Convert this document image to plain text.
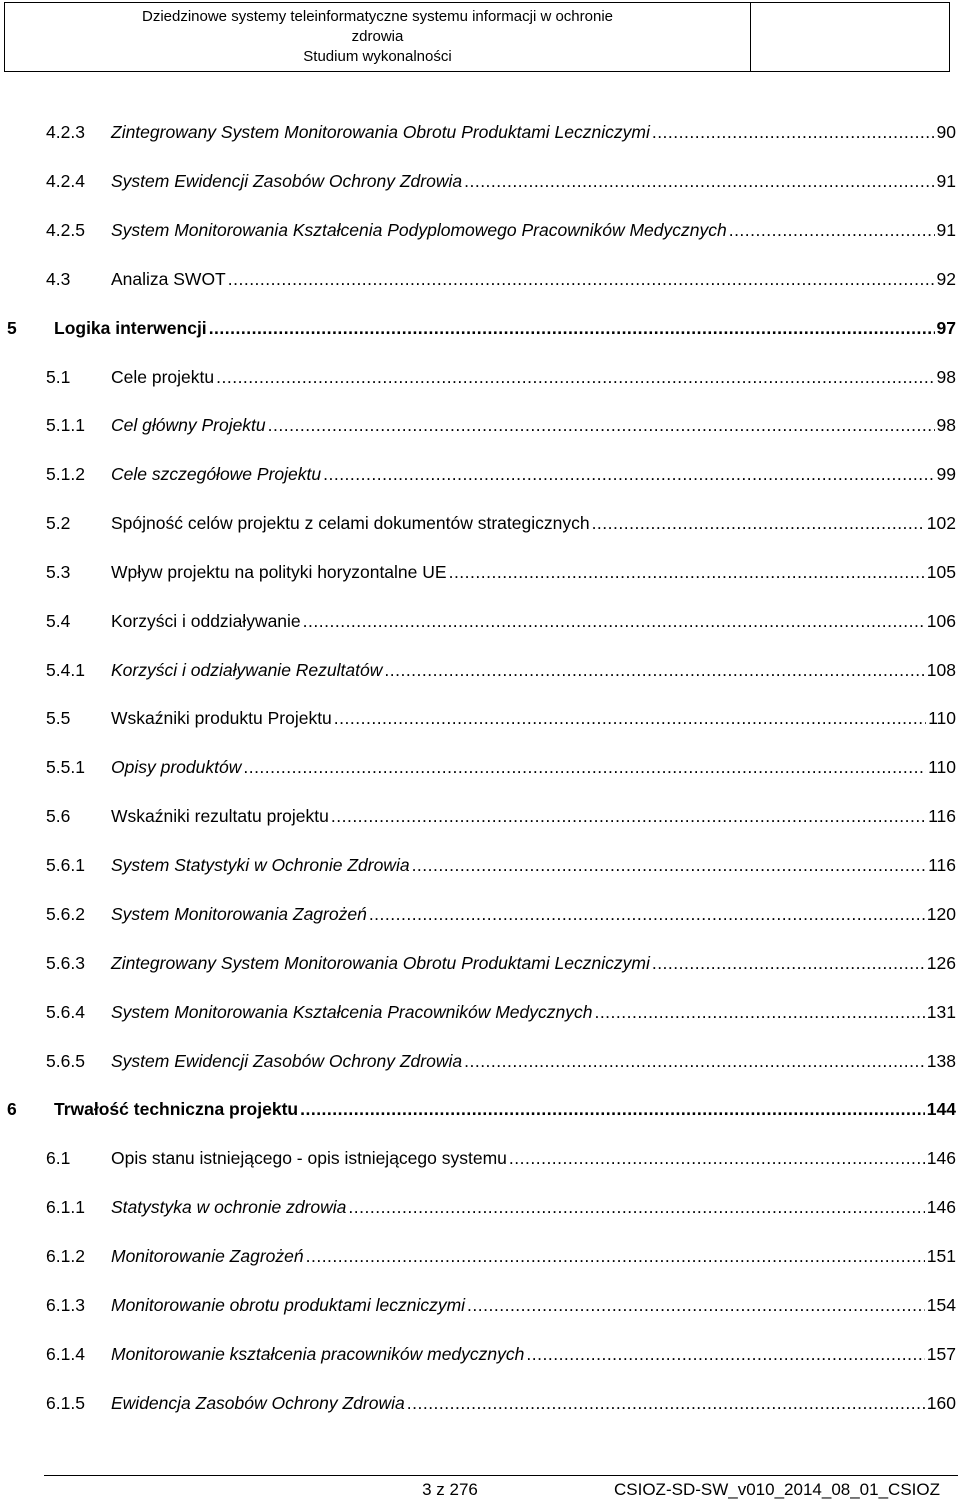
Dziedzinowe systemy teleinformatyczne systemu informacji w ochronie
zdrowia
Studium wykonalności
4.2.3	Zintegrowany System Monitorowania Obrotu Produktami Leczniczymi .....	90
4.2.4	System Ewidencji Zasobów Ochrony Zdrowia .....	91
4.2.5	System Monitorowania Kształcenia Podyplomowego Pracowników Medycznych .....	91
4.3	Analiza SWOT .....	92
5	Logika interwencji .....	97
5.1	Cele projektu .....	98
5.1.1	Cel główny Projektu .....	98
5.1.2	Cele szczegółowe Projektu .....	99
5.2	Spójność celów projektu z celami dokumentów strategicznych .....	102
5.3	Wpływ projektu na polityki horyzontalne UE .....	105
5.4	Korzyści i oddziaływanie .....	106
5.4.1	Korzyści i odziaływanie Rezultatów .....	108
5.5	Wskaźniki produktu Projektu .....	110
5.5.1	Opisy produktów .....	110
5.6	Wskaźniki rezultatu projektu .....	116
5.6.1	System Statystyki w Ochronie Zdrowia .....	116
5.6.2	System Monitorowania Zagrożeń .....	120
5.6.3	Zintegrowany System Monitorowania Obrotu Produktami Leczniczymi .....	126
5.6.4	System Monitorowania Kształcenia Pracowników Medycznych .....	131
5.6.5	System Ewidencji Zasobów Ochrony Zdrowia .....	138
6	Trwałość techniczna projektu .....	144
6.1	Opis stanu istniejącego - opis istniejącego systemu .....	146
6.1.1	Statystyka w ochronie zdrowia .....	146
6.1.2	Monitorowanie Zagrożeń .....	151
6.1.3	Monitorowanie obrotu produktami leczniczymi .....	154
6.1.4	Monitorowanie kształcenia pracowników medycznych .....	157
6.1.5	Ewidencja Zasobów Ochrony Zdrowia .....	160
3 z 276	CSIOZ-SD-SW_v010_2014_08_01_CSIOZ
